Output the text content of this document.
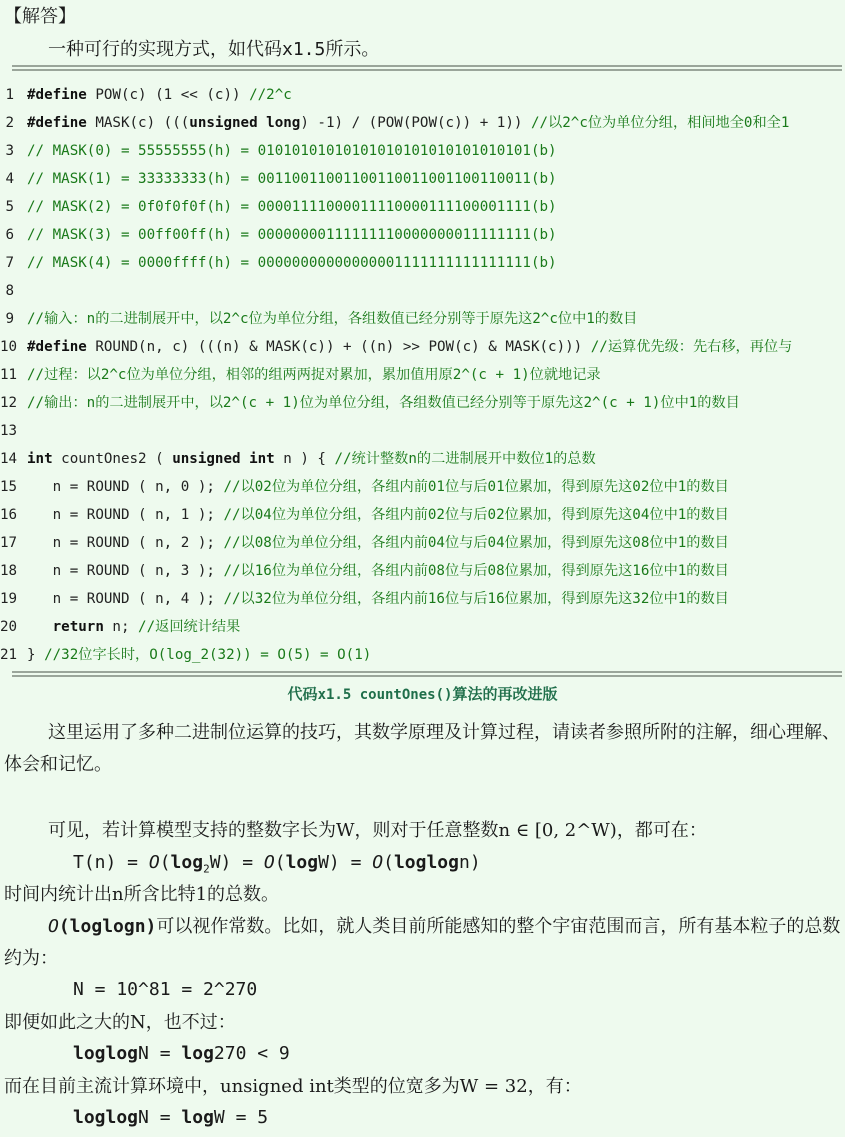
【解答】
一种可行的实现方式，如代码x1.5所示。
1 #define POW(c) (1 << (c)) //2^c
2 #define MASK(c) (((unsigned long) -1) / (POW(POW(c)) + 1)) //以2^c位为单位分组，相间地全0和全1
3 // MASK(0) = 55555555(h) = 01010101010101010101010101010101(b)
4 // MASK(1) = 33333333(h) = 00110011001100110011001100110011(b)
5 // MASK(2) = 0f0f0f0f(h) = 00001111000011110000111100001111(b)
6 // MASK(3) = 00ff00ff(h) = 00000000111111110000000011111111(b)
7 // MASK(4) = 0000ffff(h) = 00000000000000001111111111111111(b)
8
9 //输入：n的二进制展开中，以2^c位为单位分组，各组数值已经分别等于原先这2^c位中1的数目
10 #define ROUND(n, c) (((n) & MASK(c)) + ((n) >> POW(c) & MASK(c))) //运算优先级：先右移，再位与
11 //过程：以2^c位为单位分组，相邻的组两两捉对累加，累加值用原2^(c + 1)位就地记录
12 //输出：n的二进制展开中，以2^(c + 1)位为单位分组，各组数值已经分别等于原先这2^(c + 1)位中1的数目
13
14 int countOnes2 ( unsigned int n ) { //统计整数n的二进制展开中数位1的总数
15 n = ROUND ( n, 0 ); //以02位为单位分组，各组内前01位与后01位累加，得到原先这02位中1的数目
16 n = ROUND ( n, 1 ); //以04位为单位分组，各组内前02位与后02位累加，得到原先这04位中1的数目
17 n = ROUND ( n, 2 ); //以08位为单位分组，各组内前04位与后04位累加，得到原先这08位中1的数目
18 n = ROUND ( n, 3 ); //以16位为单位分组，各组内前08位与后08位累加，得到原先这16位中1的数目
19 n = ROUND ( n, 4 ); //以32位为单位分组，各组内前16位与后16位累加，得到原先这32位中1的数目
20	return n; //返回统计结果
21 } //32位字长时，O(log_2(32)) = O(5) = O(1)
代码x1.5 countOnes()算法的再改进版
这里运用了多种二进制位运算的技巧，其数学原理及计算过程，请读者参照所附的注解，细心理解、体会和记忆。
可见，若计算模型支持的整数字长为W，则对于任意整数n ∈ [0, 2^W)，都可在：
$T(n) = O(\log_2W) = O(\log W) = O(loglogn)$
时间内统计出n所含比特1的总数。
O(loglogn)可以视作常数。比如，就人类目前所能感知的整个宇宙范围而言，所有基本粒子的总数约为：
N = 10^81 = 2^270
即便如此之大的N，也不过：
loglogN = log270 < 9
而在目前主流计算环境中，unsigned int类型的位宽多为W = 32，有：
loglogN = logW = 5
